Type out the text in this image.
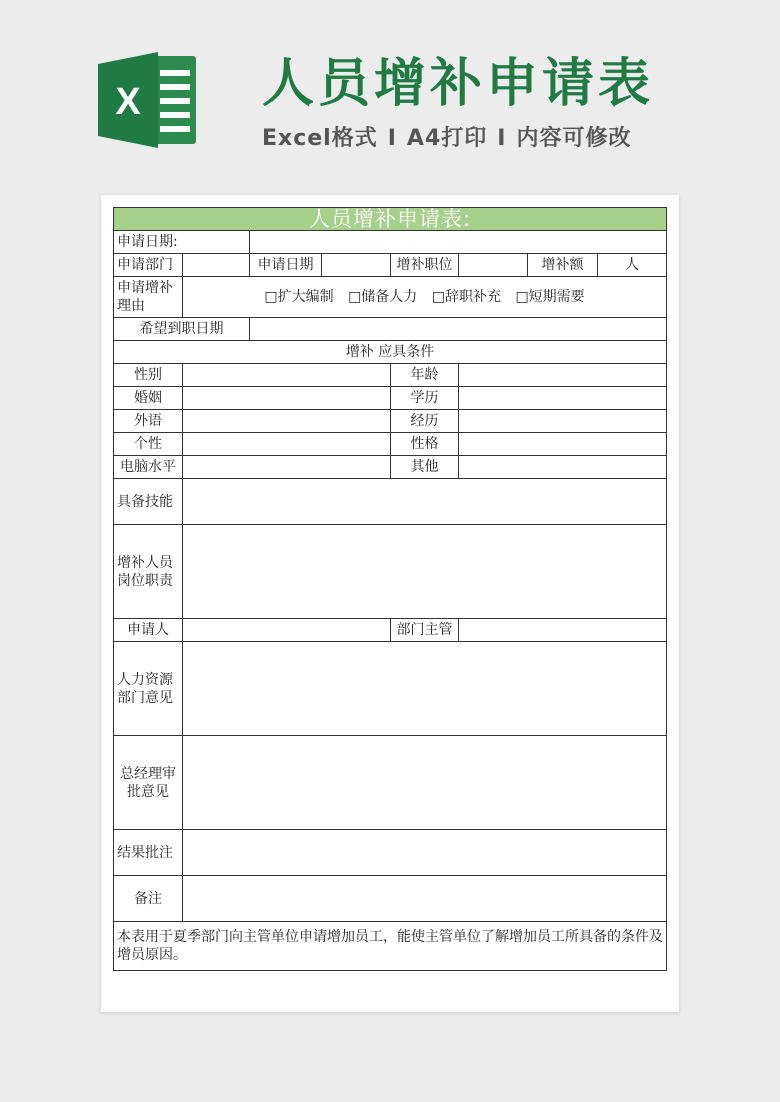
X 人员增补申请表
Excel格式 I A4打印 I 内容可修改
人员增补申请表:							
申请日期:							
申请部门		申请日期		增补职位		增补额	人
申请增补理由	□扩大编制 □储备人力 □辞职补充 □短期需要						
希望到职日期							
增补 应具条件							
性别				年龄			
婚姻				学历			
外语				经历			
个性				性格			
电脑水平				其他			
具备技能							
增补人员岗位职责							
申请人				部门主管			
人力资源部门意见							
总经理审批意见							
结果批注							
备注							
本表用于夏季部门向主管单位申请增加员工，能使主管单位了解增加员工所具备的条件及增员原因。							
